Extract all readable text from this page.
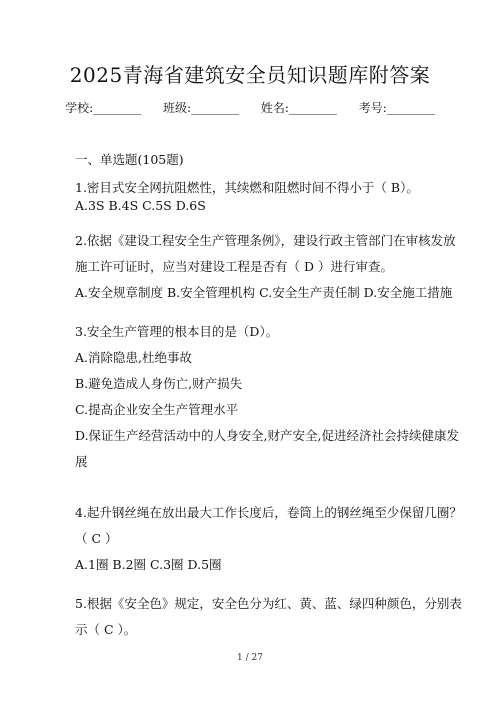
2025青海省建筑安全员知识题库附答案
学校:________ 班级:________ 姓名:________ 考号:________
一、单选题(105题)
1.密目式安全网抗阻燃性，其续燃和阻燃时间不得小于（ B）。
A.3S B.4S C.5S D.6S
2.依据《建设工程安全生产管理条例》，建设行政主管部门在审核发放
施工许可证时，应当对建设工程是否有（ D ）进行审查。
A.安全规章制度 B.安全管理机构 C.安全生产责任制 D.安全施工措施
3.安全生产管理的根本目的是（D）。
A.消除隐患,杜绝事故
B.避免造成人身伤亡,财产损失
C.提高企业安全生产管理水平
D.保证生产经营活动中的人身安全,财产安全,促进经济社会持续健康发
展
4.起升钢丝绳在放出最大工作长度后，卷筒上的钢丝绳至少保留几圈？
（ C ）
A.1圈 B.2圈 C.3圈 D.5圈
5.根据《安全色》规定，安全色分为红、黄、蓝、绿四种颜色，分别表
示（ C ）。
1 / 27
